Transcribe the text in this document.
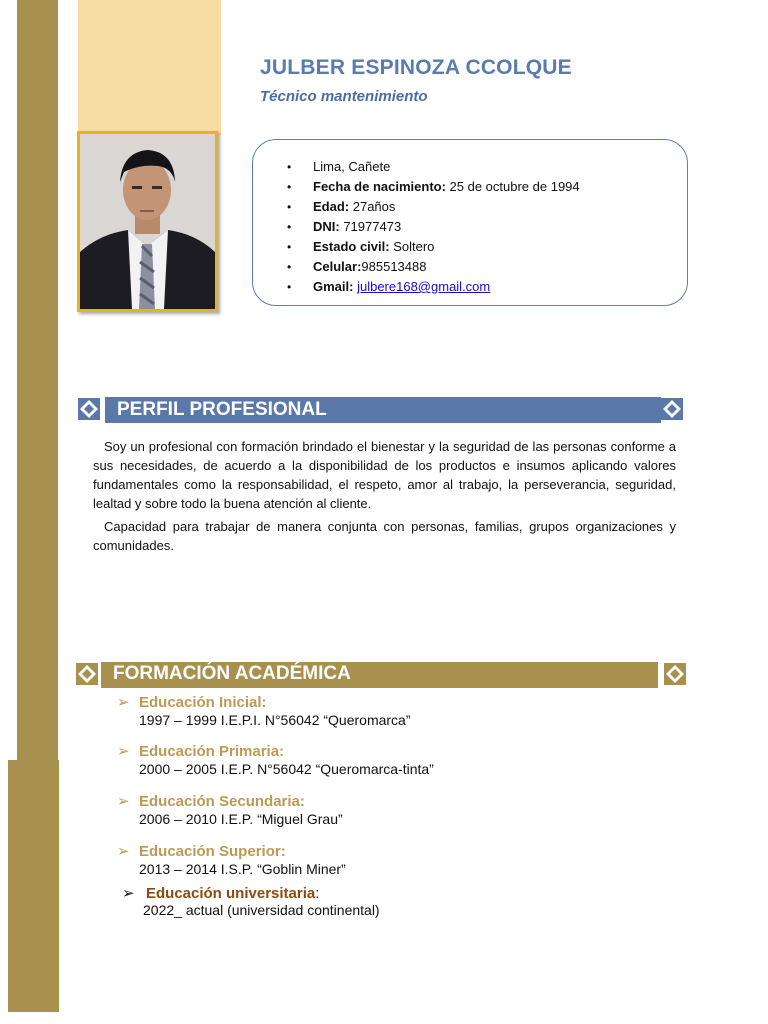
JULBER ESPINOZA CCOLQUE
Técnico mantenimiento
• Lima, Cañete
• Fecha de nacimiento: 25 de octubre de 1994
• Edad: 27años
• DNI: 71977473
• Estado civil: Soltero
• Celular:985513488
• Gmail: julbere168@gmail.com
PERFIL PROFESIONAL

Soy un profesional con formación brindado el bienestar y la seguridad de las personas conforme a sus necesidades, de acuerdo a la disponibilidad de los productos e insumos aplicando valores fundamentales como la responsabilidad, el respeto, amor al trabajo, la perseverancia, seguridad, lealtad y sobre todo la buena atención al cliente.

Capacidad para trabajar de manera conjunta con personas, familias, grupos organizaciones y comunidades.

FORMACIÓN ACADÉMICA
➢ Educación Inicial:
1997 – 1999 I.E.P.I. N°56042 “Queromarca”
➢ Educación Primaria:
2000 – 2005 I.E.P. N°56042 “Queromarca-tinta”
➢ Educación Secundaria:
2006 – 2010 I.E.P. “Miguel Grau”
➢ Educación Superior:
2013 – 2014 I.S.P. “Goblin Miner”
➢ Educación universitaria:
2022_ actual (universidad continental)
